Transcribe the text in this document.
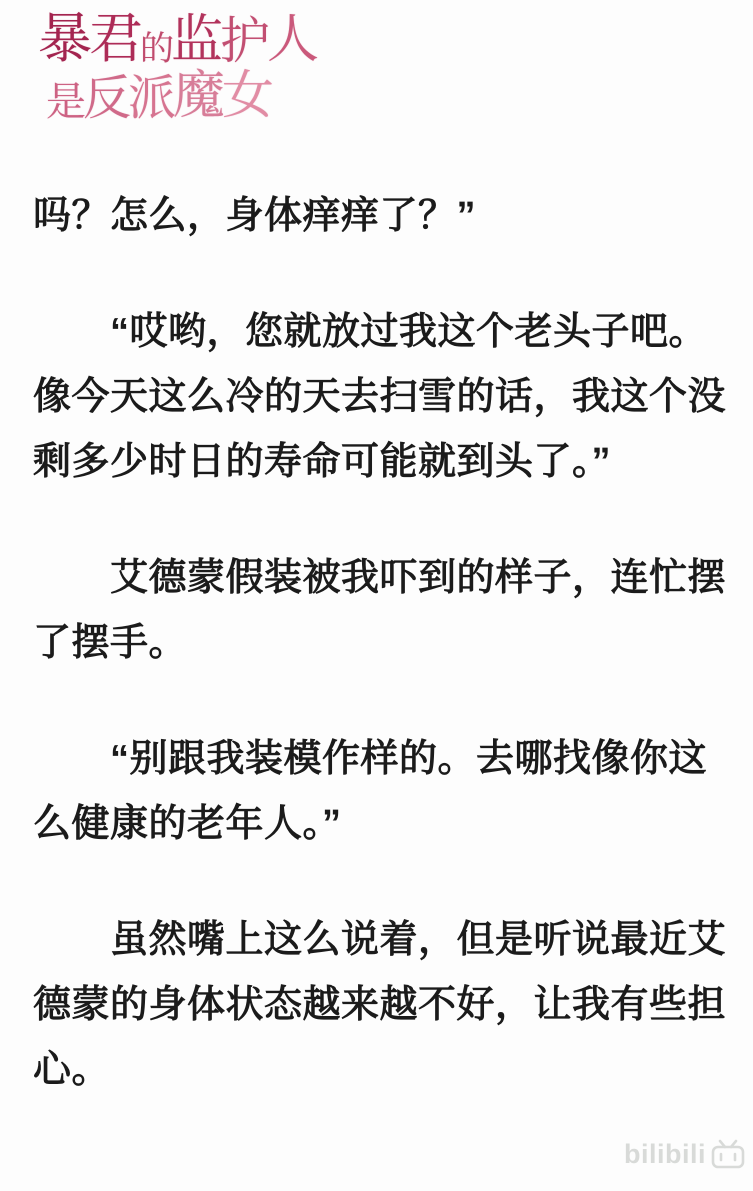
暴 君 的 监 护 人
是 反 派 魔 女

吗？怎么，身体痒痒了？”

　　“哎哟，您就放过我这个老头子吧。
像今天这么冷的天去扫雪的话，我这个没
剩多少时日的寿命可能就到头了。”

　　艾德蒙假装被我吓到的样子，连忙摆
了摆手。

　　“别跟我装模作样的。去哪找像你这
么健康的老年人。”

　　虽然嘴上这么说着，但是听说最近艾
德蒙的身体状态越来越不好，让我有些担
心。

bilibili
